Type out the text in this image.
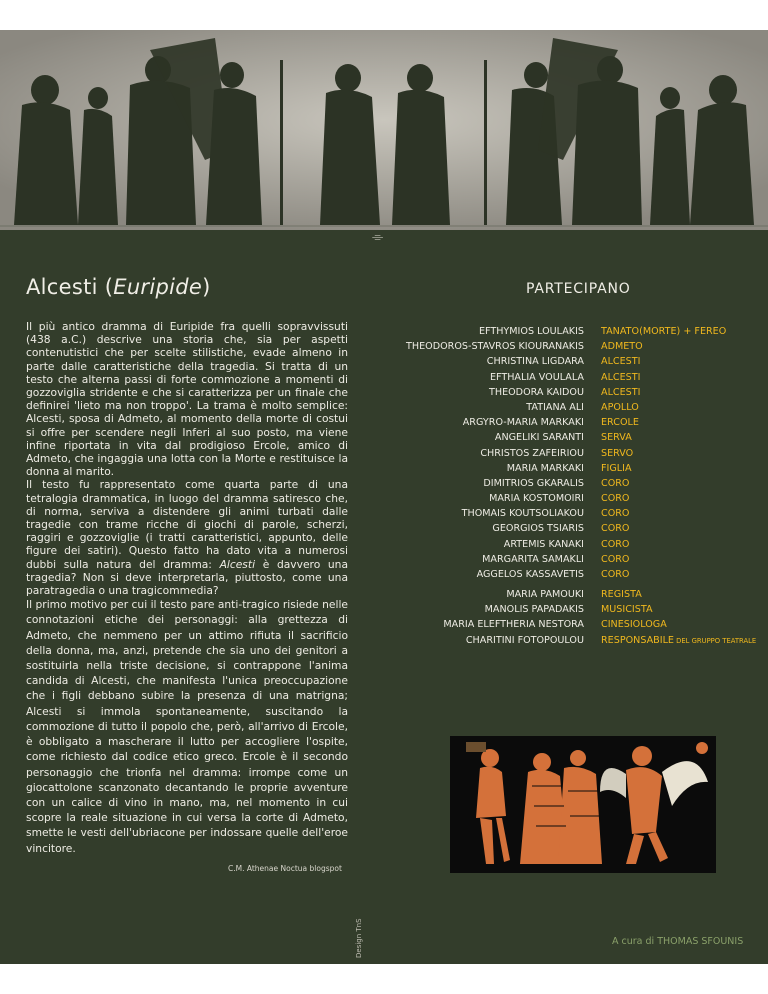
⌯
Alcesti (Euripide)	PARTECIPANO

Il più antico dramma di Euripide fra quelli sopravvissuti (438 a.C.) descrive una storia che, sia per aspetti contenutistici che per scelte stilistiche, evade almeno in parte dalle caratteristiche della tragedia. Si tratta di un testo che alterna passi di forte commozione a momenti di gozzoviglia stridente e che si caratterizza per un finale che definirei 'lieto ma non troppo'. La trama è molto semplice: Alcesti, sposa di Admeto, al momento della morte di costui si offre per scendere negli Inferi al suo posto, ma viene infine riportata in vita dal prodigioso Ercole, amico di Admeto, che ingaggia una lotta con la Morte e restituisce la donna al marito.

Il testo fu rappresentato come quarta parte di una tetralogia drammatica, in luogo del dramma satiresco che, di norma, serviva a distendere gli animi turbati dalle tragedie con trame ricche di giochi di parole, scherzi, raggiri e gozzoviglie (i tratti caratteristici, appunto, delle figure dei satiri). Questo fatto ha dato vita a numerosi dubbi sulla natura del dramma: Alcesti è davvero una tragedia? Non si deve interpretarla, piuttosto, come una paratragedia o una tragicommedia?

Il primo motivo per cui il testo pare anti-tragico risiede nelle connotazioni etiche dei personaggi: alla grettezza di Admeto, che nemmeno per un attimo rifiuta il sacrificio della donna, ma, anzi, pretende che sia uno dei genitori a sostituirla nella triste decisione, si contrappone l'anima candida di Alcesti, che manifesta l'unica preoccupazione che i figli debbano subire la presenza di una matrigna; Alcesti si immola spontaneamente, suscitando la commozione di tutto il popolo che, però, all'arrivo di Ercole, è obbligato a mascherare il lutto per accogliere l'ospite, come richiesto dal codice etico greco. Ercole è il secondo personaggio che trionfa nel dramma: irrompe come un giocattolone scanzonato decantando le proprie avventure con un calice di vino in mano, ma, nel momento in cui scopre la reale situazione in cui versa la corte di Admeto, smette le vesti dell'ubriacone per indossare quelle dell'eroe vincitore.

C.M. Athenae Noctua blogspot
Design TnS
EFTHYMIOS LOULAKIS TANATO(MORTE) + FEREO
THEODOROS-STAVROS KIOURANAKIS ADMETO
CHRISTINA LIGDARA ALCESTI
EFTHALIA VOULALA ALCESTI
THEODORA KAIDOU ALCESTI
TATIANA ALI APOLLO
ARGYRO-MARIA MARKAKI ERCOLE
ANGELIKI SARANTI SERVA
CHRISTOS ZAFEIRIOU SERVO
MARIA MARKAKI FIGLIA
DIMITRIOS GKARALIS CORO
MARIA KOSTOMOIRI CORO
THOMAIS KOUTSOLIAKOU CORO
GEORGIOS TSIARIS CORO
ARTEMIS KANAKI CORO
MARGARITA SAMAKLI CORO
AGGELOS KASSAVETIS CORO
MARIA PAMOUKI REGISTA
MANOLIS PAPADAKIS MUSICISTA
MARIA ELEFTHERIA NESTORA CINESIOLOGA
CHARITINI FOTOPOULOU RESPONSABILE DEL GRUPPO TEATRALE
A cura di THOMAS SFOUNIS
